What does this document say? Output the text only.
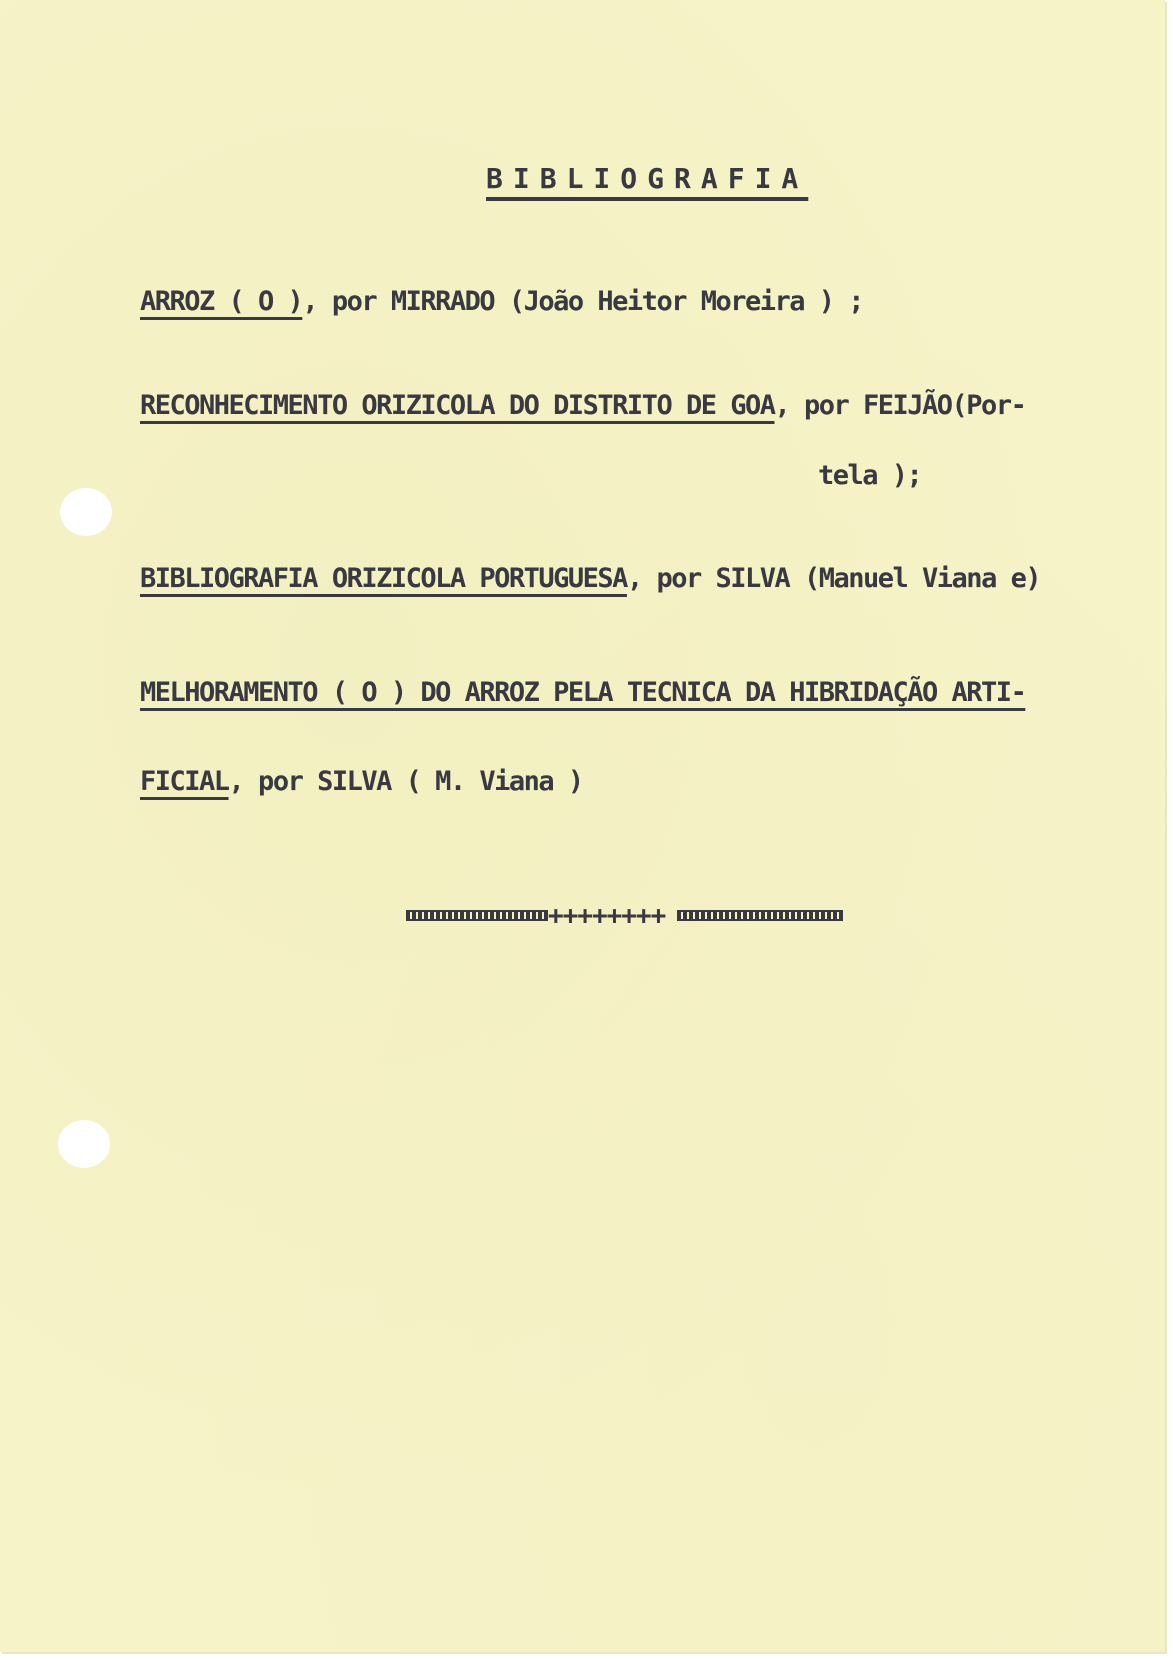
BIBLIOGRAFIA

ARROZ ( O ), por MIRRADO (João Heitor Moreira ) ;

RECONHECIMENTO ORIZICOLA DO DISTRITO DE GOA, por FEIJÃO(Por-

tela );

BIBLIOGRAFIA ORIZICOLA PORTUGUESA, por SILVA (Manuel Viana e)

MELHORAMENTO ( O ) DO ARROZ PELA TECNICA DA HIBRIDAÇÃO ARTI-

FICIAL, por SILVA ( M. Viana )

++++++++
